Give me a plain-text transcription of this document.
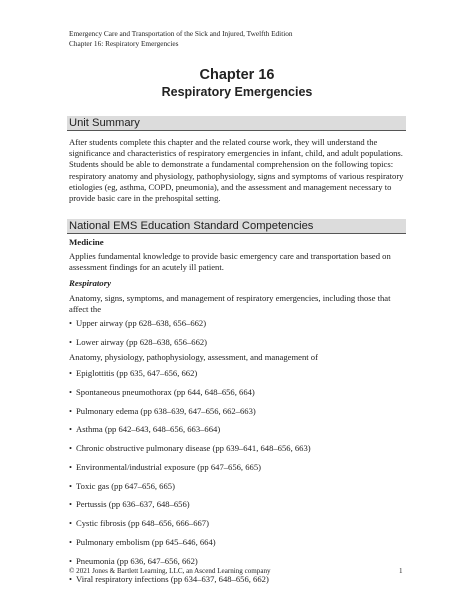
Emergency Care and Transportation of the Sick and Injured, Twelfth Edition
Chapter 16: Respiratory Emergencies
Chapter 16
Respiratory Emergencies
Unit Summary
After students complete this chapter and the related course work, they will understand the significance and characteristics of respiratory emergencies in infant, child, and adult populations. Students should be able to demonstrate a fundamental comprehension on the following topics: respiratory anatomy and physiology, pathophysiology, signs and symptoms of various respiratory etiologies (eg, asthma, COPD, pneumonia), and the assessment and management necessary to provide basic care in the prehospital setting.
National EMS Education Standard Competencies
Medicine
Applies fundamental knowledge to provide basic emergency care and transportation based on assessment findings for an acutely ill patient.
Respiratory
Anatomy, signs, symptoms, and management of respiratory emergencies, including those that affect the
• Upper airway (pp 628–638, 656–662)
• Lower airway (pp 628–638, 656–662)
Anatomy, physiology, pathophysiology, assessment, and management of
• Epiglottitis (pp 635, 647–656, 662)
• Spontaneous pneumothorax (pp 644, 648–656, 664)
• Pulmonary edema (pp 638–639, 647–656, 662–663)
• Asthma (pp 642–643, 648–656, 663–664)
• Chronic obstructive pulmonary disease (pp 639–641, 648–656, 663)
• Environmental/industrial exposure (pp 647–656, 665)
• Toxic gas (pp 647–656, 665)
• Pertussis (pp 636–637, 648–656)
• Cystic fibrosis (pp 648–656, 666–667)
• Pulmonary embolism (pp 645–646, 664)
• Pneumonia (pp 636, 647–656, 662)
• Viral respiratory infections (pp 634–637, 648–656, 662)
© 2021 Jones & Bartlett Learning, LLC, an Ascend Learning company	1
